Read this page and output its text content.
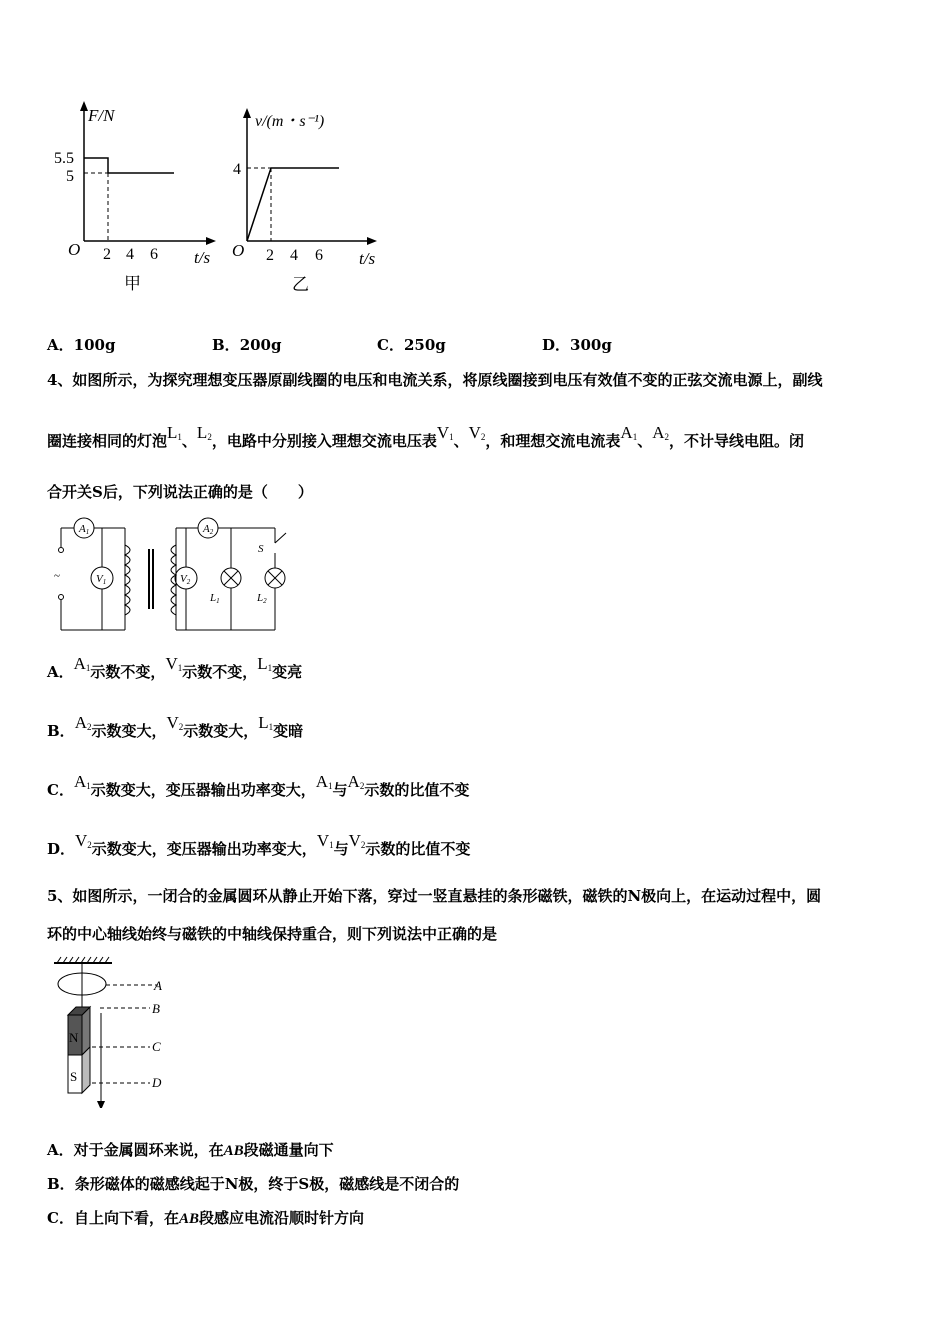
F/N
5.5
5
O 2 4 6 t/s
甲
v/(m・s⁻¹)
4
O 2 4 6 t/s
乙
A．100g	B．200g	C．250g	D．300g
4、如图所示，为探究理想变压器原副线圈的电压和电流关系，将原线圈接到电压有效值不变的正弦交流电源上，副线
圈连接相同的灯泡$L_1$、$L_2$，电路中分别接入理想交流电压表$V_1$、$V_2$，和理想交流电流表$A_1$、$A_2$，不计导线电阻。闭
合开关S后，下列说法正确的是（　　）
~
A1
V1
A2
V2
L1	L2
S
A．$A_1$示数不变，$V_1$示数不变，$L_1$变亮
B．$A_2$示数变大，$V_2$示数变大，$L_1$变暗
C．$A_1$示数变大，变压器输出功率变大，$A_1$与$A_2$示数的比值不变
D．$V_2$示数变大，变压器输出功率变大，$V_1$与$V_2$示数的比值不变
5、如图所示，一闭合的金属圆环从静止开始下落，穿过一竖直悬挂的条形磁铁，磁铁的N极向上，在运动过程中，圆
环的中心轴线始终与磁铁的中轴线保持重合，则下列说法中正确的是
N
S
A
B
C
D
A．对于金属圆环来说，在AB段磁通量向下
B．条形磁体的磁感线起于N极，终于S极，磁感线是不闭合的
C．自上向下看，在AB段感应电流沿顺时针方向
